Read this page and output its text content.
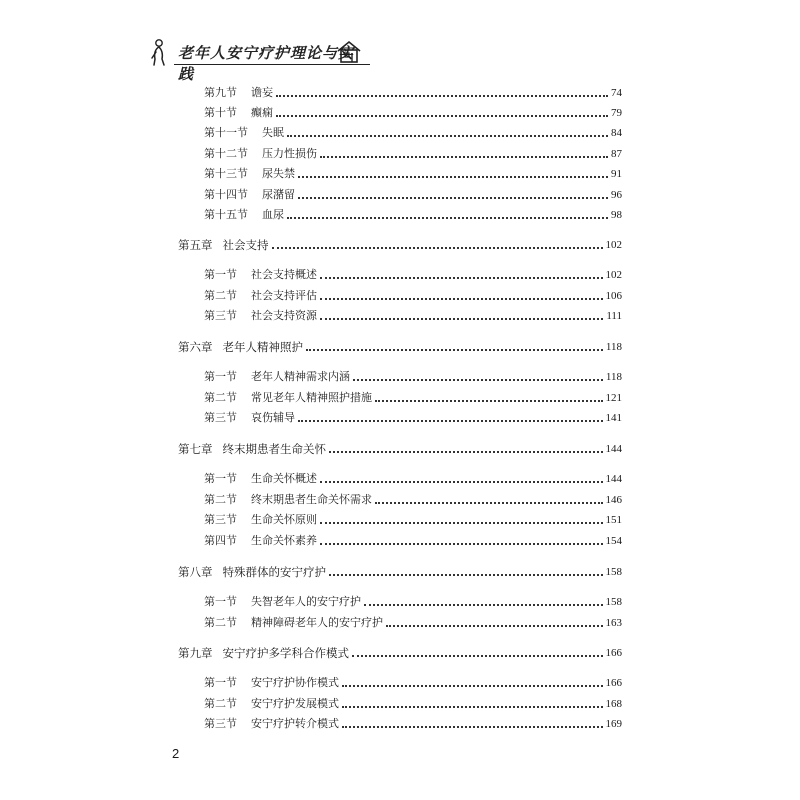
老年人安宁疗护理论与实践
第九节 谵妄	74
第十节 癫痫	79
第十一节 失眠	84
第十二节 压力性损伤	87
第十三节 尿失禁	91
第十四节 尿潴留	96
第十五节 血尿	98
第五章 社会支持	102
第一节 社会支持概述	102
第二节 社会支持评估	106
第三节 社会支持资源	111
第六章 老年人精神照护	118
第一节 老年人精神需求内涵	118
第二节 常见老年人精神照护措施	121
第三节 哀伤辅导	141
第七章 终末期患者生命关怀	144
第一节 生命关怀概述	144
第二节 终末期患者生命关怀需求	146
第三节 生命关怀原则	151
第四节 生命关怀素养	154
第八章 特殊群体的安宁疗护	158
第一节 失智老年人的安宁疗护	158
第二节 精神障碍老年人的安宁疗护	163
第九章 安宁疗护多学科合作模式	166
第一节 安宁疗护协作模式	166
第二节 安宁疗护发展模式	168
第三节 安宁疗护转介模式	169
2
